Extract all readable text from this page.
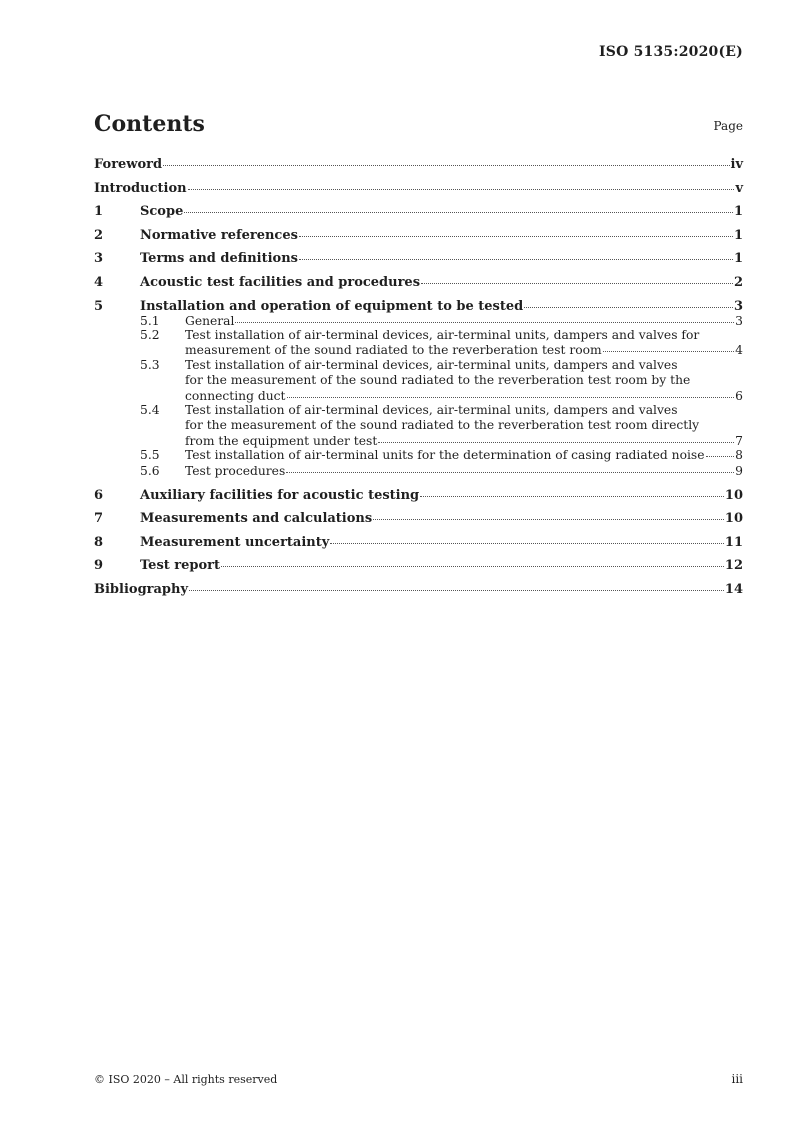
ISO 5135:2020(E)
Contents	Page
Foreword	iv
Introduction	v
1	Scope	1
2	Normative references	1
3	Terms and definitions	1
4	Acoustic test facilities and procedures	2
5	Installation and operation of equipment to be tested	3
5.1	General	3
5.2	Test installation of air-terminal devices, air-terminal units, dampers and valves for
measurement of the sound radiated to the reverberation test room	4
5.3	Test installation of air-terminal devices, air-terminal units, dampers and valves
for the measurement of the sound radiated to the reverberation test room by the
connecting duct	6
5.4	Test installation of air-terminal devices, air-terminal units, dampers and valves
for the measurement of the sound radiated to the reverberation test room directly
from the equipment under test	7
5.5	Test installation of air-terminal units for the determination of casing radiated noise 8
5.6	Test procedures	9
6	Auxiliary facilities for acoustic testing	10
7	Measurements and calculations	10
8	Measurement uncertainty	11
9	Test report	12
Bibliography	14
© ISO 2020 – All rights reserved	iii
